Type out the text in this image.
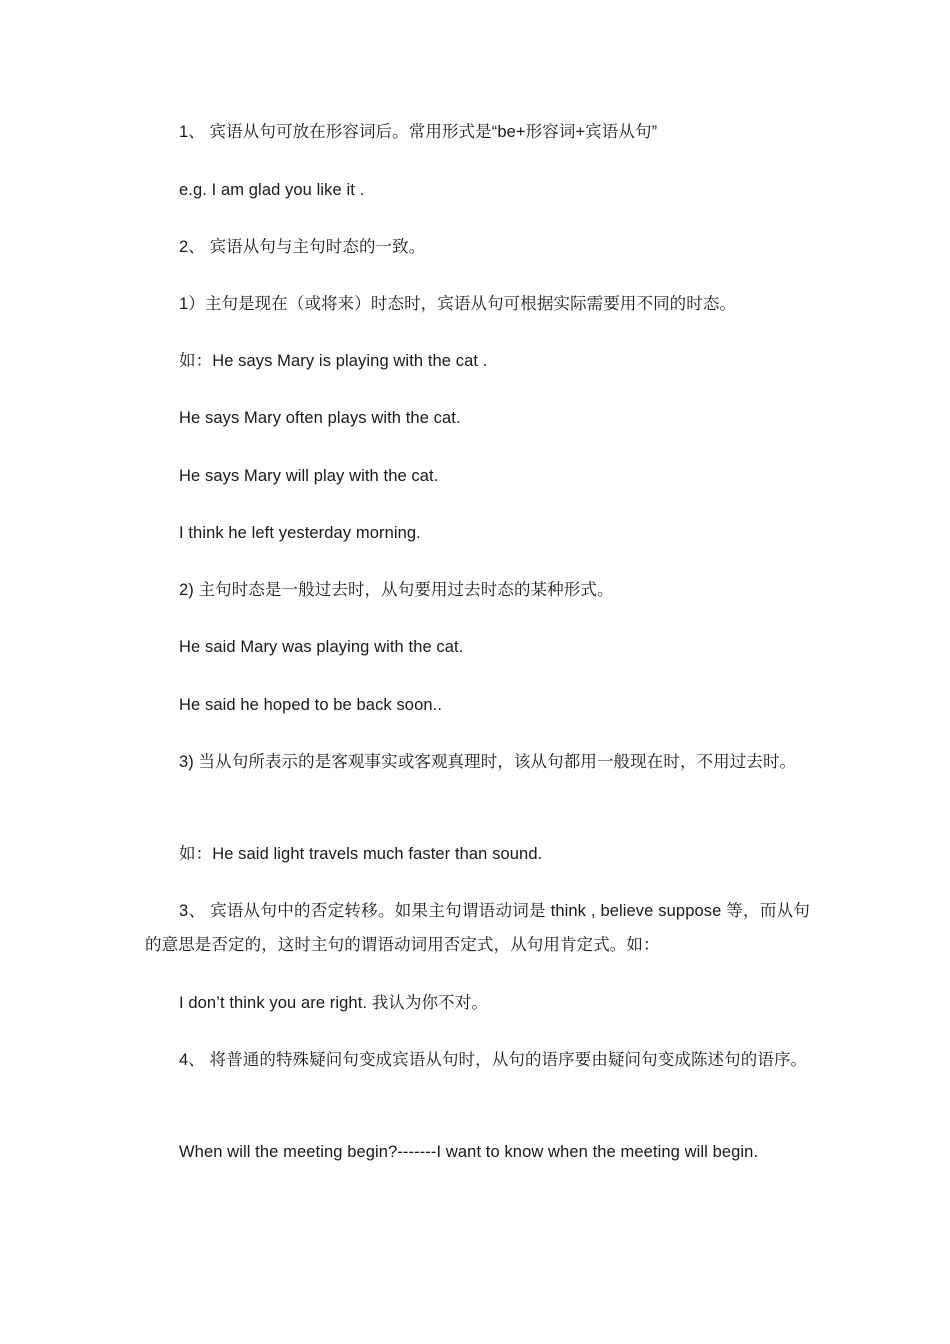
1、 宾语从句可放在形容词后。常用形式是“be+形容词+宾语从句”
e.g. I am glad you like it .
2、 宾语从句与主句时态的一致。
1）主句是现在（或将来）时态时，宾语从句可根据实际需要用不同的时态。
如：He says Mary is playing with the cat .
He says Mary often plays with the cat.
He says Mary will play with the cat.
I think he left yesterday morning.
2) 主句时态是一般过去时，从句要用过去时态的某种形式。
He said Mary was playing with the cat.
He said he hoped to be back soon..
3) 当从句所表示的是客观事实或客观真理时，该从句都用一般现在时，不用过去时。
如：He said light travels much faster than sound.
3、 宾语从句中的否定转移。如果主句谓语动词是 think , believe suppose 等，而从句的意思是否定的，这时主句的谓语动词用否定式，从句用肯定式。如：
I don’t think you are right. 我认为你不对。
4、 将普通的特殊疑问句变成宾语从句时，从句的语序要由疑问句变成陈述句的语序。
When will the meeting begin?-------I want to know when the meeting will begin.
